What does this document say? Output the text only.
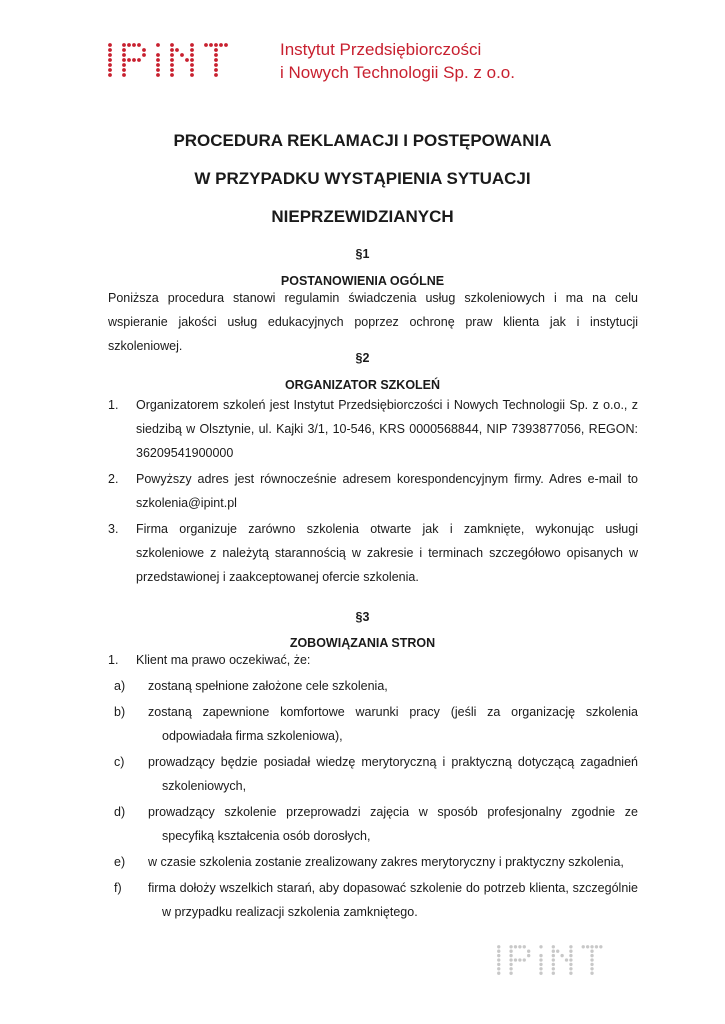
Instytut Przedsiębiorczości
i Nowych Technologii Sp. z o.o.
PROCEDURA REKLAMACJI I POSTĘPOWANIA
W PRZYPADKU WYSTĄPIENIA SYTUACJI
NIEPRZEWIDZIANYCH
§1
POSTANOWIENIA OGÓLNE
Poniższa procedura stanowi regulamin świadczenia usług szkoleniowych i ma na celu wspieranie jakości usług edukacyjnych poprzez ochronę praw klienta jak i instytucji szkoleniowej.
§2
ORGANIZATOR SZKOLEŃ
1.	Organizatorem szkoleń jest Instytut Przedsiębiorczości i Nowych Technologii Sp. z o.o., z siedzibą w Olsztynie, ul. Kajki 3/1, 10-546, KRS 0000568844, NIP 7393877056, REGON: 36209541900000
2.	Powyższy adres jest równocześnie adresem korespondencyjnym firmy. Adres e-mail to szkolenia@ipint.pl
3.	Firma organizuje zarówno szkolenia otwarte jak i zamknięte, wykonując usługi szkoleniowe z należytą starannością w zakresie i terminach szczegółowo opisanych w przedstawionej i zaakceptowanej ofercie szkolenia.
§3
ZOBOWIĄZANIA STRON
1.	Klient ma prawo oczekiwać, że:
a)	zostaną spełnione założone cele szkolenia,
b)	zostaną zapewnione komfortowe warunki pracy (jeśli za organizację szkolenia odpowiadała firma szkoleniowa),
c)	prowadzący będzie posiadał wiedzę merytoryczną i praktyczną dotyczącą zagadnień szkoleniowych,
d)	prowadzący szkolenie przeprowadzi zajęcia w sposób profesjonalny zgodnie ze specyfiką kształcenia osób dorosłych,
e)	w czasie szkolenia zostanie zrealizowany zakres merytoryczny i praktyczny szkolenia,
f)	firma dołoży wszelkich starań, aby dopasować szkolenie do potrzeb klienta, szczególnie w przypadku realizacji szkolenia zamkniętego.
